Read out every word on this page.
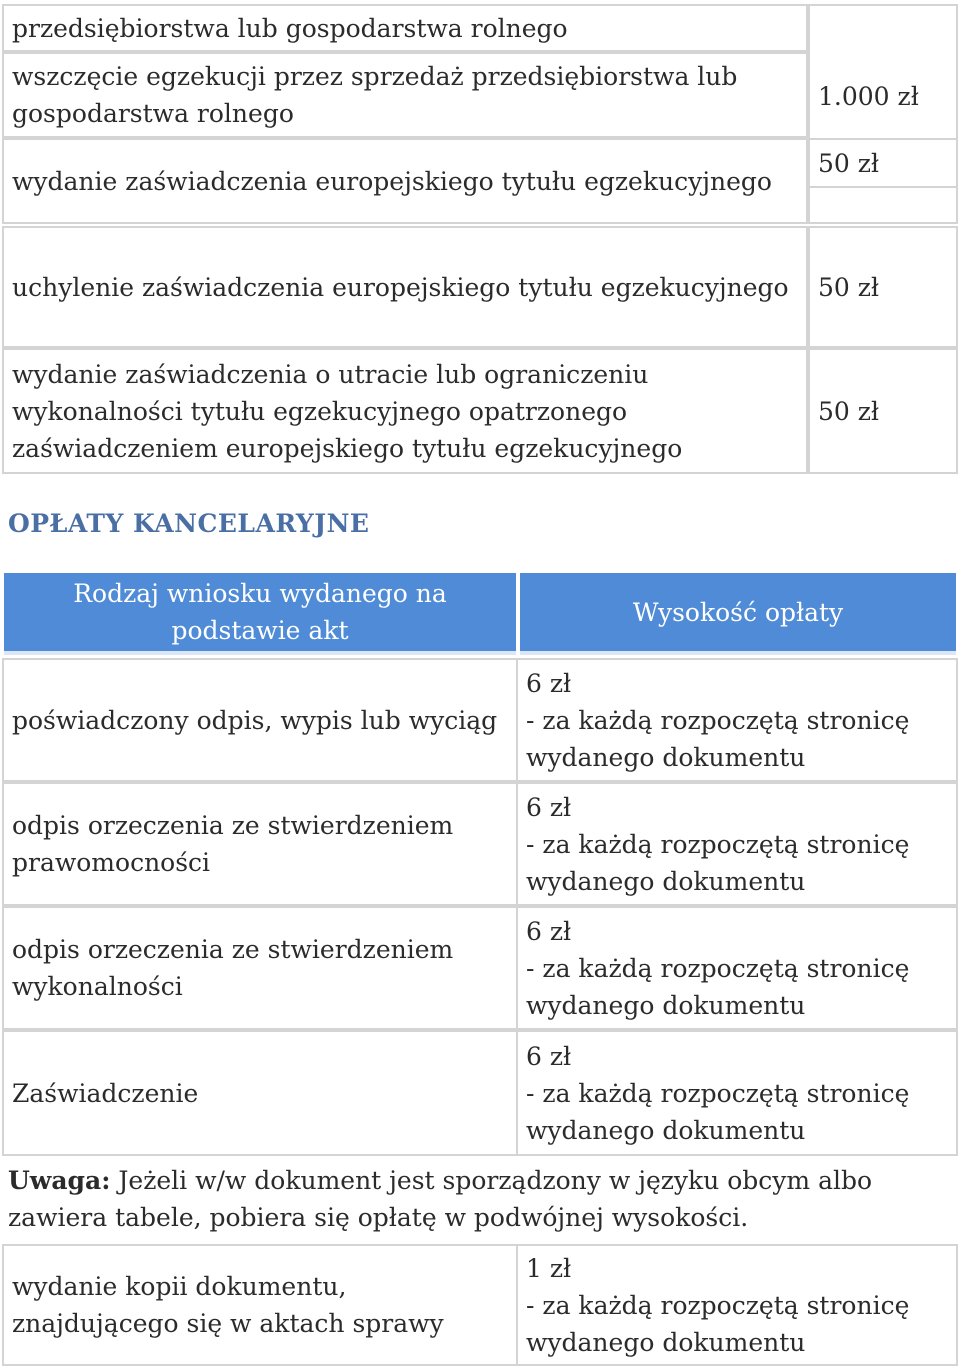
przedsiębiorstwa lub gospodarstwa rolnego
1.000 zł
wszczęcie egzekucji przez sprzedaż przedsiębiorstwa lub
gospodarstwa rolnego
wydanie zaświadczenia europejskiego tytułu egzekucyjnego
50 zł
uchylenie zaświadczenia europejskiego tytułu egzekucyjnego	50 zł
wydanie zaświadczenia o utracie lub ograniczeniu
wykonalności tytułu egzekucyjnego opatrzonego
zaświadczeniem europejskiego tytułu egzekucyjnego
50 zł
OPŁATY KANCELARYJNE
Rodzaj wniosku wydanego na
podstawie akt
Wysokość opłaty
poświadczony odpis, wypis lub wyciąg
6 zł
- za każdą rozpoczętą stronicę
wydanego dokumentu
odpis orzeczenia ze stwierdzeniem
prawomocności
6 zł
- za każdą rozpoczętą stronicę
wydanego dokumentu
odpis orzeczenia ze stwierdzeniem
wykonalności
6 zł
- za każdą rozpoczętą stronicę
wydanego dokumentu
Zaświadczenie
6 zł
- za każdą rozpoczętą stronicę
wydanego dokumentu
Uwaga: Jeżeli w/w dokument jest sporządzony w języku obcym albo zawiera tabele, pobiera się opłatę w podwójnej wysokości.
wydanie kopii dokumentu,
znajdującego się w aktach sprawy
1 zł
- za każdą rozpoczętą stronicę
wydanego dokumentu
